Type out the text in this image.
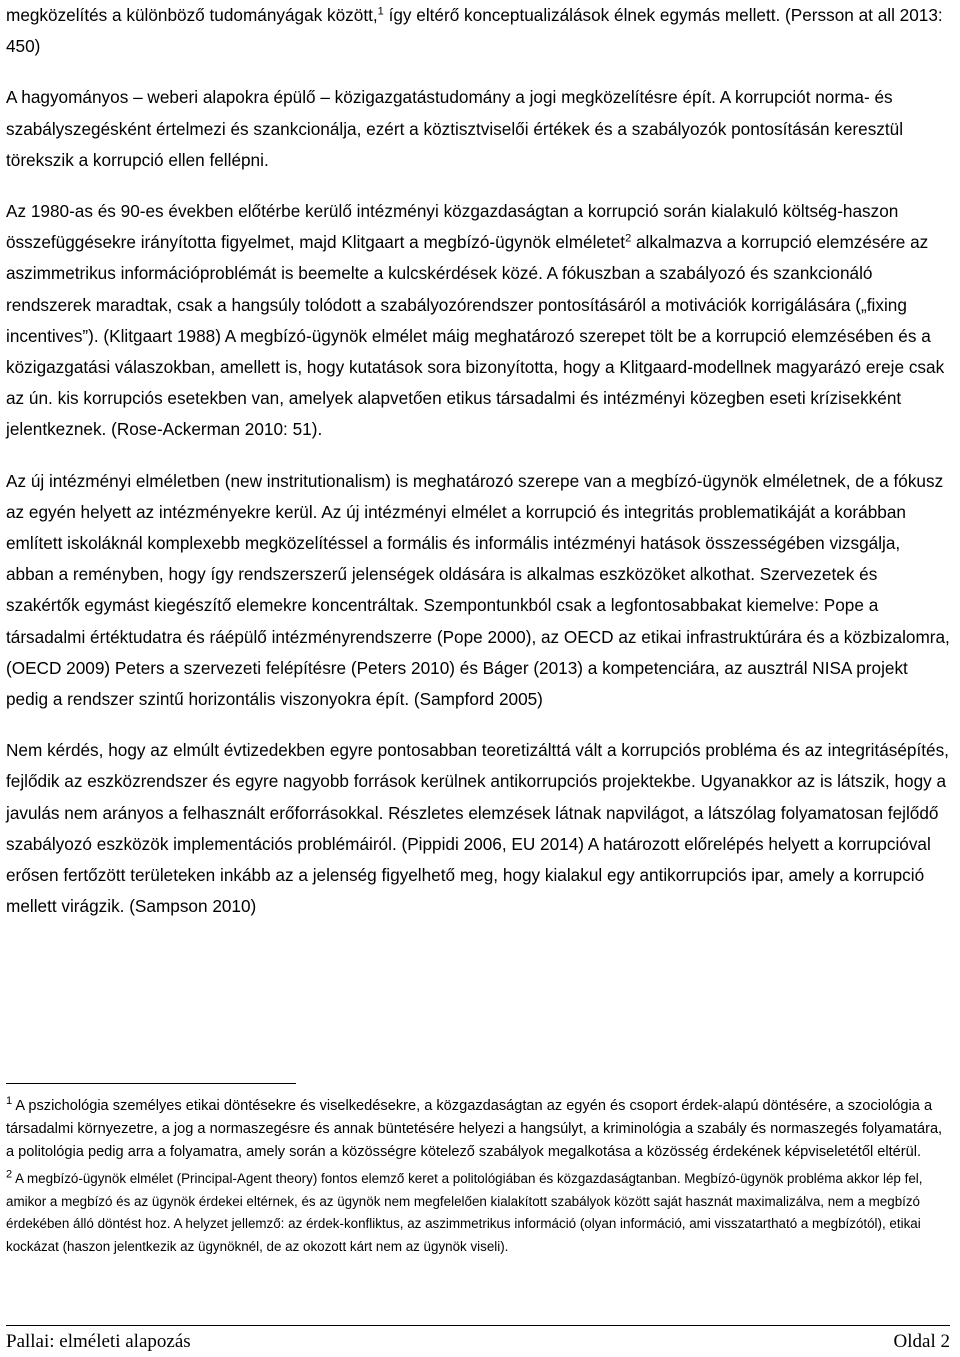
megközelítés a különböző tudományágak között,$^1$ így eltérő konceptualizálások élnek egymás mellett. (Persson at all 2013: 450)

A hagyományos – weberi alapokra épülő – közigazgatástudomány a jogi megközelítésre épít. A korrupciót norma- és szabályszegésként értelmezi és szankcionálja, ezért a köztisztviselői értékek és a szabályozók pontosításán keresztül törekszik a korrupció ellen fellépni.

Az 1980-as és 90-es években előtérbe kerülő intézményi közgazdaságtan a korrupció során kialakuló költség-haszon összefüggésekre irányította figyelmet, majd Klitgaart a megbízó-ügynök elméletet$^2$ alkalmazva a korrupció elemzésére az aszimmetrikus információproblémát is beemelte a kulcskérdések közé. A fókuszban a szabályozó és szankcionáló rendszerek maradtak, csak a hangsúly tolódott a szabályozórendszer pontosításáról a motivációk korrigálására („fixing incentives”). (Klitgaart 1988) A megbízó-ügynök elmélet máig meghatározó szerepet tölt be a korrupció elemzésében és a közigazgatási válaszokban, amellett is, hogy kutatások sora bizonyította, hogy a Klitgaard-modellnek magyarázó ereje csak az ún. kis korrupciós esetekben van, amelyek alapvetően etikus társadalmi és intézményi közegben eseti krízisekként jelentkeznek. (Rose-Ackerman 2010: 51).

Az új intézményi elméletben (new instritutionalism) is meghatározó szerepe van a megbízó-ügynök elméletnek, de a fókusz az egyén helyett az intézményekre kerül. Az új intézményi elmélet a korrupció és integritás problematikáját a korábban említett iskoláknál komplexebb megközelítéssel a formális és informális intézményi hatások összességében vizsgálja, abban a reményben, hogy így rendszerszerű jelenségek oldására is alkalmas eszközöket alkothat. Szervezetek és szakértők egymást kiegészítő elemekre koncentráltak. Szempontunkból csak a legfontosabbakat kiemelve: Pope a társadalmi értéktudatra és ráépülő intézményrendszerre (Pope 2000), az OECD az etikai infrastruktúrára és a közbizalomra, (OECD 2009) Peters a szervezeti felépítésre (Peters 2010) és Báger (2013) a kompetenciára, az ausztrál NISA projekt pedig a rendszer szintű horizontális viszonyokra épít. (Sampford 2005)

Nem kérdés, hogy az elmúlt évtizedekben egyre pontosabban teoretizálttá vált a korrupciós probléma és az integritásépítés, fejlődik az eszközrendszer és egyre nagyobb források kerülnek antikorrupciós projektekbe. Ugyanakkor az is látszik, hogy a javulás nem arányos a felhasznált erőforrásokkal. Részletes elemzések látnak napvilágot, a látszólag folyamatosan fejlődő szabályozó eszközök implementációs problémáiról. (Pippidi 2006, EU 2014) A határozott előrelépés helyett a korrupcióval erősen fertőzött területeken inkább az a jelenség figyelhető meg, hogy kialakul egy antikorrupciós ipar, amely a korrupció mellett virágzik. (Sampson 2010)

$^1$ A pszichológia személyes etikai döntésekre és viselkedésekre, a közgazdaságtan az egyén és csoport érdek-alapú döntésére, a szociológia a társadalmi környezetre, a jog a normaszegésre és annak büntetésére helyezi a hangsúlyt, a kriminológia a szabály és normaszegés folyamatára, a politológia pedig arra a folyamatra, amely során a közösségre kötelező szabályok megalkotása a közösség érdekének képviseletétől eltérül.

$^2$ A megbízó-ügynök elmélet (Principal-Agent theory) fontos elemző keret a politológiában és közgazdaságtanban. Megbízó-ügynök probléma akkor lép fel, amikor a megbízó és az ügynök érdekei eltérnek, és az ügynök nem megfelelően kialakított szabályok között saját hasznát maximalizálva, nem a megbízó érdekében álló döntést hoz. A helyzet jellemző: az érdek-konfliktus, az aszimmetrikus információ (olyan információ, ami visszatartható a megbízótól), etikai kockázat (haszon jelentkezik az ügynöknél, de az okozott kárt nem az ügynök viseli).

Pallai: elméleti alapozás	Oldal 2
